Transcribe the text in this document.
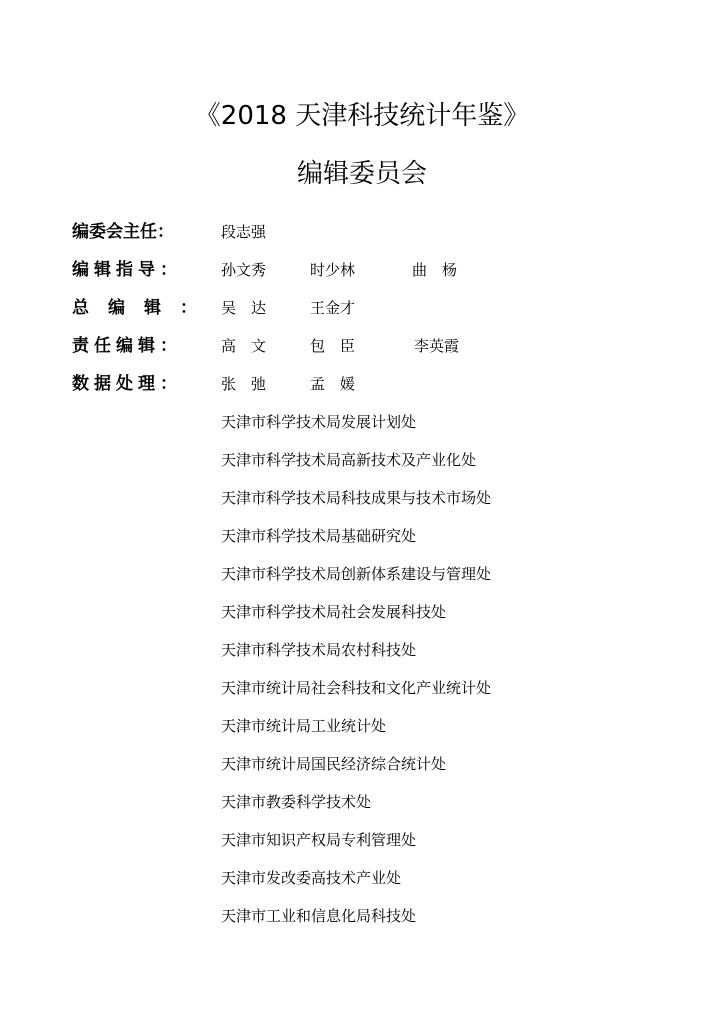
《2018 天津科技统计年鉴》
编辑委员会
编委会主任：	段志强
编辑指导：	孙文秀	时少林	曲　杨
总编辑： 吴　达	王金才
责任编辑：	高　文	包　臣	李英霞
数据处理：	张　弛	孟　媛
天津市科学技术局发展计划处
天津市科学技术局高新技术及产业化处
天津市科学技术局科技成果与技术市场处
天津市科学技术局基础研究处
天津市科学技术局创新体系建设与管理处
天津市科学技术局社会发展科技处
天津市科学技术局农村科技处
天津市统计局社会科技和文化产业统计处
天津市统计局工业统计处
天津市统计局国民经济综合统计处
天津市教委科学技术处
天津市知识产权局专利管理处
天津市发改委高技术产业处
天津市工业和信息化局科技处
